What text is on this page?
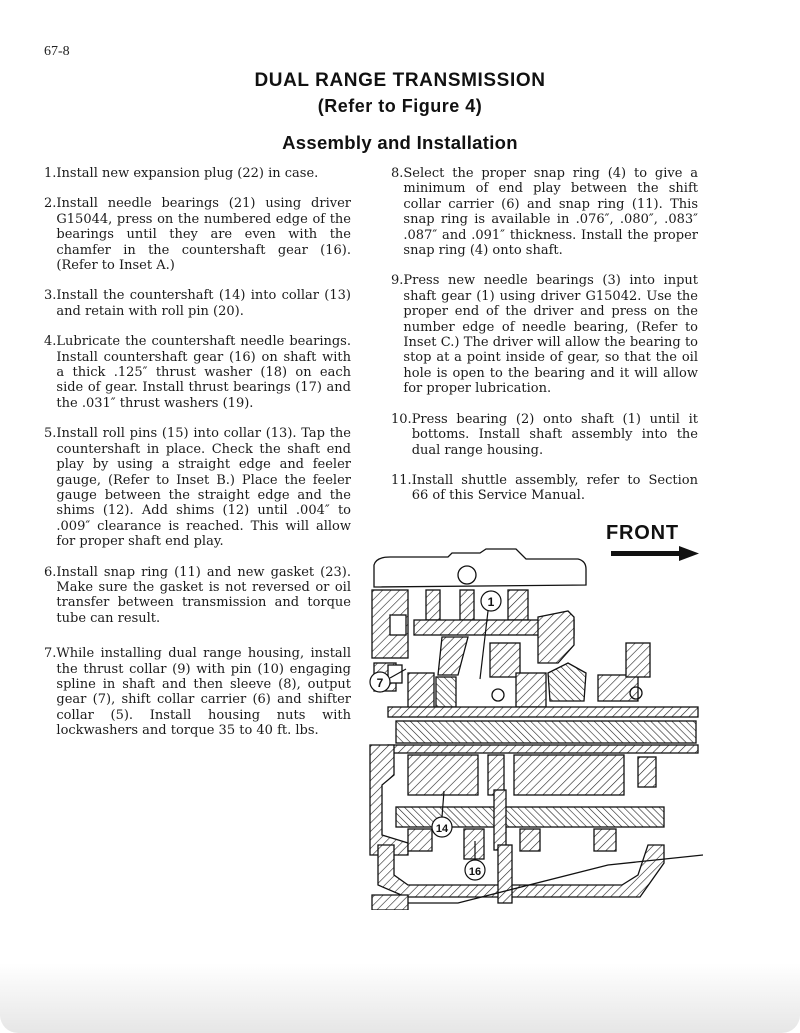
67-8
DUAL RANGE TRANSMISSION
(Refer to Figure 4)
Assembly and Installation
1. Install new expansion plug (22) in case.
2. Install needle bearings (21) using driver G15044, press on the numbered edge of the bearings until they are even with the chamfer in the countershaft gear (16). (Refer to Inset A.)
3. Install the countershaft (14) into collar (13) and retain with roll pin (20).
4. Lubricate the countershaft needle bearings. Install countershaft gear (16) on shaft with a thick .125″ thrust washer (18) on each side of gear. Install thrust bearings (17) and the .031″ thrust washers (19).
5. Install roll pins (15) into collar (13). Tap the countershaft in place. Check the shaft end play by using a straight edge and feeler gauge, (Refer to Inset B.) Place the feeler gauge between the straight edge and the shims (12). Add shims (12) until .004″ to .009″ clearance is reached. This will allow for proper shaft end play.
6. Install snap ring (11) and new gasket (23). Make sure the gasket is not reversed or oil transfer between transmission and torque tube can result.
7. While installing dual range housing, install the thrust collar (9) with pin (10) engaging spline in shaft and then sleeve (8), output gear (7), shift collar carrier (6) and shifter collar (5). Install housing nuts with lockwashers and torque 35 to 40 ft. lbs.
8. Select the proper snap ring (4) to give a minimum of end play between the shift collar carrier (6) and snap ring (11). This snap ring is available in .076″, .080″, .083″ .087″ and .091″ thickness. Install the proper snap ring (4) onto shaft.
9. Press new needle bearings (3) into input shaft gear (1) using driver G15042. Use the proper end of the driver and press on the number edge of needle bearing, (Refer to Inset C.) The driver will allow the bearing to stop at a point inside of gear, so that the oil hole is open to the bearing and it will allow for proper lubrication.
10. Press bearing (2) onto shaft (1) until it bottoms. Install shaft assembly into the dual range housing.
11. Install shuttle assembly, refer to Section 66 of this Service Manual.
FRONT
1
7
14
16
